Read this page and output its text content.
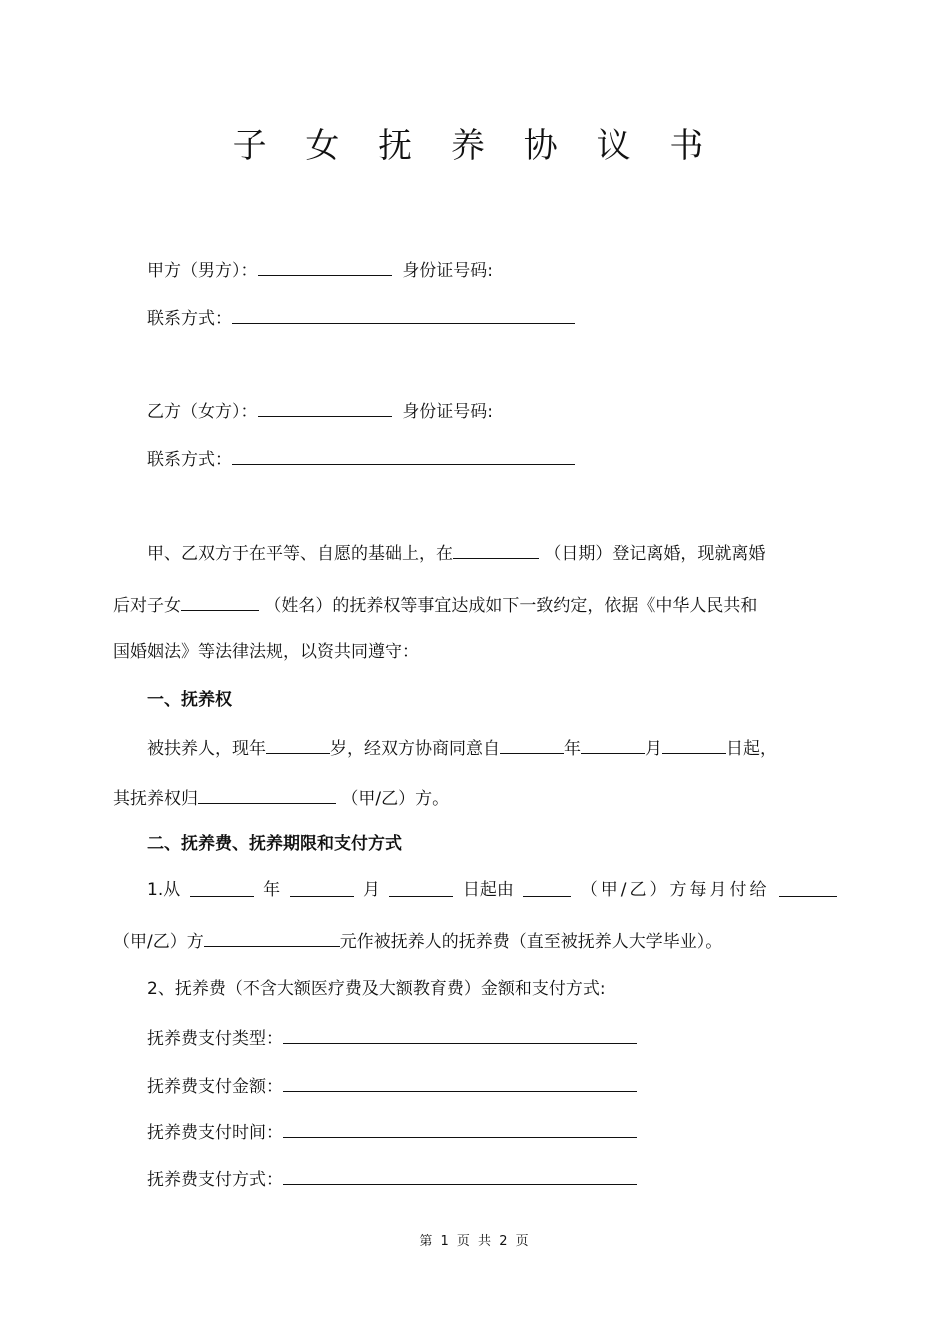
子 女 抚 养 协 议 书
甲方（男方）：	身份证号码:
联系方式：
乙方（女方）：	身份证号码:
联系方式：
甲、乙双方于在平等、自愿的基础上，在	（日期）登记离婚，现就离婚
后对子女	（姓名）的抚养权等事宜达成如下一致约定，依据《中华人民共和
国婚姻法》等法律法规，以资共同遵守：
一、抚养权
被扶养人，现年	岁，经双方协商同意自	年	月	日起，
其抚养权归	（甲/乙）方。
二、抚养费、抚养期限和支付方式
1.从	年	月	日起由	（甲/乙）方每月付给
（甲/乙）方	元作被抚养人的抚养费（直至被抚养人大学毕业）。
2、抚养费（不含大额医疗费及大额教育费）金额和支付方式:
抚养费支付类型：
抚养费支付金额：
抚养费支付时间：
抚养费支付方式：
第 1 页 共 2 页
